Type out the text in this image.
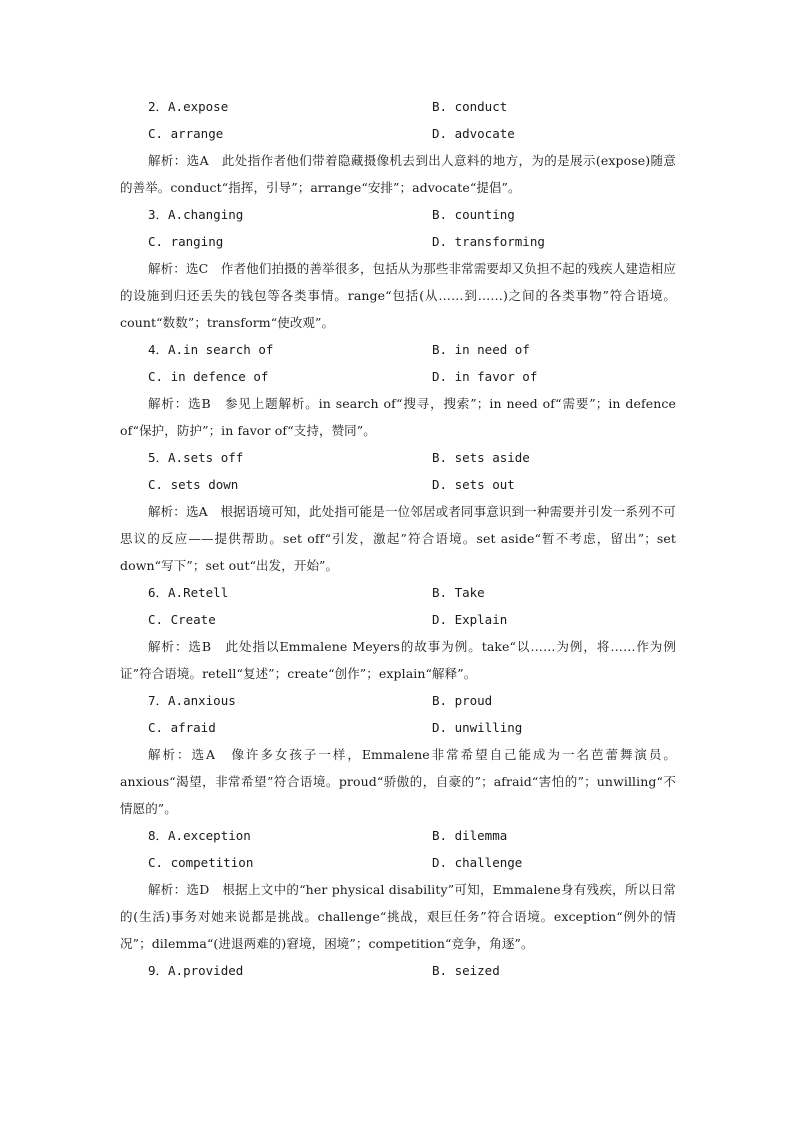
2．A.expose	B. conduct
C. arrange	D. advocate

解析：选A　此处指作者他们带着隐藏摄像机去到出人意料的地方，为的是展示(expose)随意的善举。conduct“指挥，引导”；arrange“安排”；advocate“提倡”。

3．A.changing	B. counting
C. ranging	D. transforming

解析：选C　作者他们拍摄的善举很多，包括从为那些非常需要却又负担不起的残疾人建造相应的设施到归还丢失的钱包等各类事情。range“包括(从……到……)之间的各类事物”符合语境。count“数数”；transform“使改观”。

4．A.in search of	B. in need of
C. in defence of	D. in favor of

解析：选B　参见上题解析。in search of“搜寻，搜索”；in need of“需要”；in defence of“保护，防护”；in favor of“支持，赞同”。

5．A.sets off	B. sets aside
C. sets down	D. sets out

解析：选A　根据语境可知，此处指可能是一位邻居或者同事意识到一种需要并引发一系列不可思议的反应——提供帮助。set off“引发，激起”符合语境。set aside“暂不考虑，留出”；set down“写下”；set out“出发，开始”。

6．A.Retell	B. Take
C. Create	D. Explain

解析：选B　此处指以Emmalene Meyers的故事为例。take“以……为例，将……作为例证”符合语境。retell“复述”；create“创作”；explain“解释”。

7．A.anxious	B. proud
C. afraid	D. unwilling

解析：选A　像许多女孩子一样，Emmalene非常希望自己能成为一名芭蕾舞演员。anxious“渴望，非常希望”符合语境。proud“骄傲的，自豪的”；afraid“害怕的”；unwilling“不情愿的”。

8．A.exception	B. dilemma
C. competition	D. challenge

解析：选D　根据上文中的“her physical disability”可知，Emmalene身有残疾，所以日常的(生活)事务对她来说都是挑战。challenge“挑战，艰巨任务”符合语境。exception“例外的情况”；dilemma“(进退两难的)窘境，困境”；competition“竞争，角逐”。

9．A.provided	B. seized
